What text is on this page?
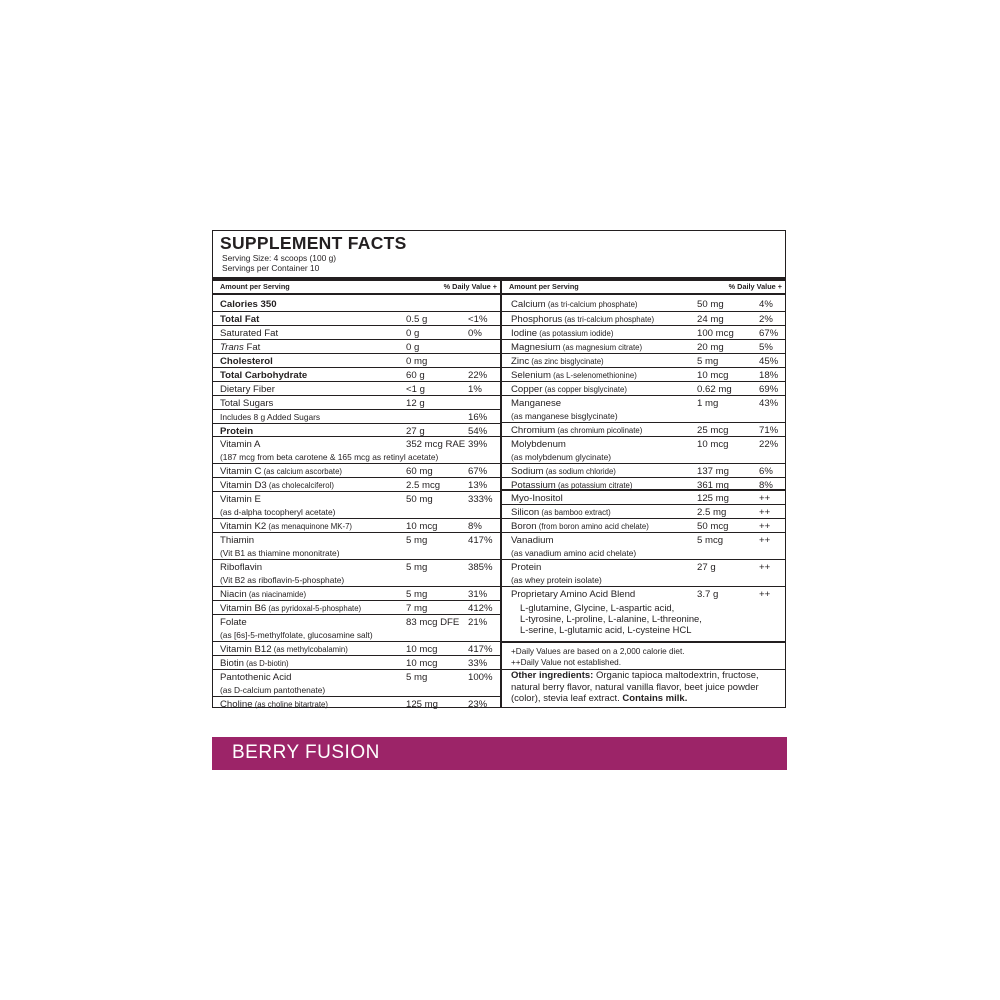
SUPPLEMENT FACTS
Serving Size: 4 scoops (100 g)
Servings per Container 10
Amount per Serving	% Daily Value +
Calories 350
Total Fat	0.5 g	<1%
Saturated Fat	0 g	0%
Trans Fat	0 g
Cholesterol	0 mg
Total Carbohydrate	60 g	22%
Dietary Fiber	<1 g	1%
Total Sugars	12 g
Includes 8 g Added Sugars	16%
Protein	27 g	54%
Vitamin A	352 mcg RAE 39%
(187 mcg from beta carotene & 165 mcg as retinyl acetate)
Vitamin C (as calcium ascorbate)	60 mg	67%
Vitamin D3 (as cholecalciferol)	2.5 mcg	13%
Vitamin E	50 mg	333%
(as d-alpha tocopheryl acetate)
Vitamin K2 (as menaquinone MK-7)	10 mcg	8%
Thiamin	5 mg	417%
(Vit B1 as thiamine mononitrate)
Riboflavin	5 mg	385%
(Vit B2 as riboflavin-5-phosphate)
Niacin (as niacinamide)	5 mg	31%
Vitamin B6 (as pyridoxal-5-phosphate)	7 mg	412%
Folate	83 mcg DFE 21%
(as [6s]-5-methylfolate, glucosamine salt)
Vitamin B12 (as methylcobalamin)	10 mcg	417%
Biotin (as D-biotin)	10 mcg	33%
Pantothenic Acid	5 mg	100%
(as D-calcium pantothenate)
Choline (as choline bitartrate)	125 mg	23%
Amount per Serving	% Daily Value +
Calcium (as tri-calcium phosphate)	50 mg	4%
Phosphorus (as tri-calcium phosphate)	24 mg	2%
Iodine (as potassium iodide)	100 mcg	67%
Magnesium (as magnesium citrate)	20 mg	5%
Zinc (as zinc bisglycinate)	5 mg	45%
Selenium (as L-selenomethionine)	10 mcg	18%
Copper (as copper bisglycinate)	0.62 mg	69%
Manganese	1 mg	43%
(as manganese bisglycinate)
Chromium (as chromium picolinate)	25 mcg	71%
Molybdenum	10 mcg	22%
(as molybdenum glycinate)
Sodium (as sodium chloride)	137 mg	6%
Potassium (as potassium citrate)	361 mg	8%
Myo-Inositol	125 mg	++
Silicon (as bamboo extract)	2.5 mg	++
Boron (from boron amino acid chelate)	50 mcg	++
Vanadium	5 mcg	++
(as vanadium amino acid chelate)
Protein	27 g	++
(as whey protein isolate)
Proprietary Amino Acid Blend	3.7 g	++
L-glutamine, Glycine, L-aspartic acid,
L-tyrosine, L-proline, L-alanine, L-threonine,
L-serine, L-glutamic acid, L-cysteine HCL
+Daily Values are based on a 2,000 calorie diet.
++Daily Value not established.
Other ingredients: Organic tapioca maltodextrin, fructose, natural berry flavor, natural vanilla flavor, beet juice powder (color), stevia leaf extract. Contains milk.
BERRY FUSION
